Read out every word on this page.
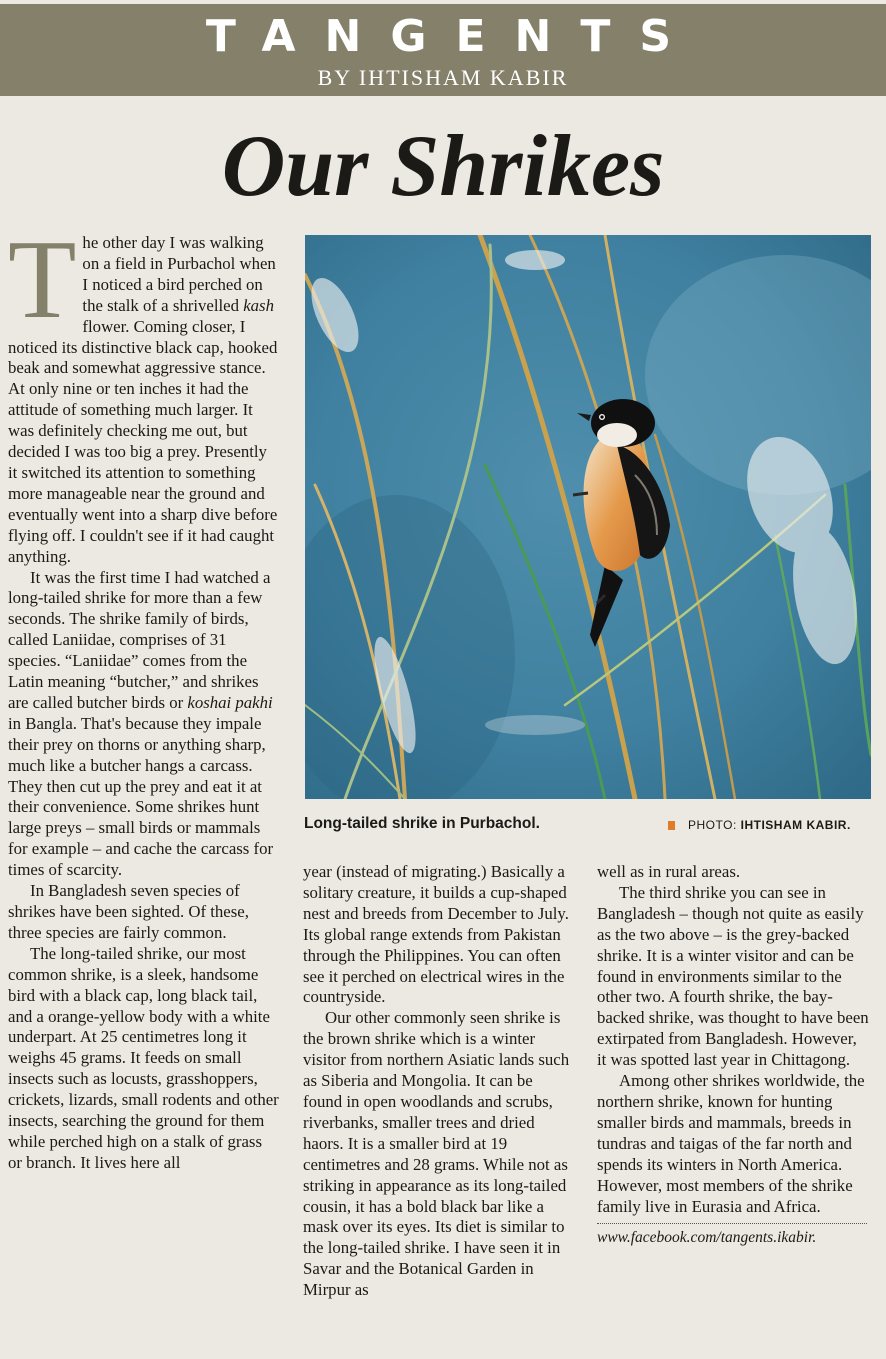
TANGENTS
BY IHTISHAM KABIR
Our Shrikes

The other day I was walking on a field in Purbachol when I noticed a bird perched on the stalk of a shrivelled kash flower. Coming closer, I noticed its distinctive black cap, hooked beak and somewhat aggressive stance. At only nine or ten inches it had the attitude of something much larger. It was definitely checking me out, but decided I was too big a prey. Presently it switched its attention to something more manageable near the ground and eventually went into a sharp dive before flying off. I couldn't see if it had caught anything.

It was the first time I had watched a long-tailed shrike for more than a few seconds. The shrike family of birds, called Laniidae, comprises of 31 species. “Laniidae” comes from the Latin meaning “butcher,” and shrikes are called butcher birds or koshai pakhi in Bangla. That's because they impale their prey on thorns or anything sharp, much like a butcher hangs a carcass. They then cut up the prey and eat it at their convenience. Some shrikes hunt large preys – small birds or mammals for example – and cache the carcass for times of scarcity.

In Bangladesh seven species of shrikes have been sighted. Of these, three species are fairly common.

The long-tailed shrike, our most common shrike, is a sleek, handsome bird with a black cap, long black tail, and a orange-yellow body with a white underpart. At 25 centimetres long it weighs 45 grams. It feeds on small insects such as locusts, grasshoppers, crickets, lizards, small rodents and other insects, searching the ground for them while perched high on a stalk of grass or branch. It lives here all

Long-tailed shrike in Purbachol.	PHOTO: IHTISHAM KABIR.

year (instead of migrating.) Basically a solitary creature, it builds a cup-shaped nest and breeds from December to July. Its global range extends from Pakistan through the Philippines. You can often see it perched on electrical wires in the countryside.

Our other commonly seen shrike is the brown shrike which is a winter visitor from northern Asiatic lands such as Siberia and Mongolia. It can be found in open woodlands and scrubs, riverbanks, smaller trees and dried haors. It is a smaller bird at 19 centimetres and 28 grams. While not as striking in appearance as its long-tailed cousin, it has a bold black bar like a mask over its eyes. Its diet is similar to the long-tailed shrike. I have seen it in Savar and the Botanical Garden in Mirpur as

well as in rural areas.

The third shrike you can see in Bangladesh – though not quite as easily as the two above – is the grey-backed shrike. It is a winter visitor and can be found in environments similar to the other two. A fourth shrike, the bay-backed shrike, was thought to have been extirpated from Bangladesh. However, it was spotted last year in Chittagong.

Among other shrikes worldwide, the northern shrike, known for hunting smaller birds and mammals, breeds in tundras and taigas of the far north and spends its winters in North America. However, most members of the shrike family live in Eurasia and Africa.

www.facebook.com/tangents.ikabir.
